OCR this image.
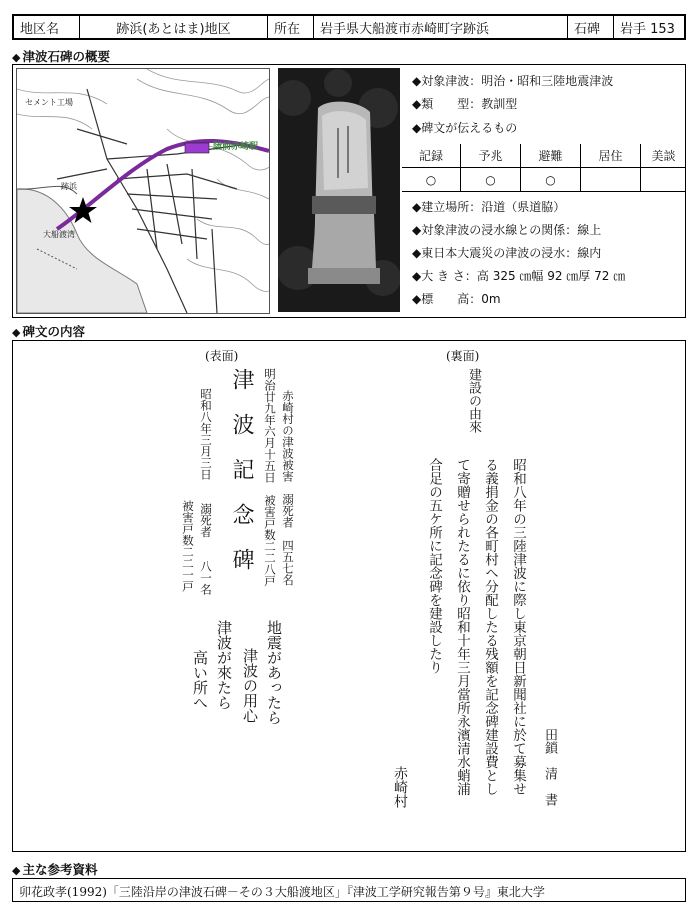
地区名	跡浜(あとはま)地区	所在	岩手県大船渡市赤崎町字跡浜	石碑	岩手 153
◆ 津波石碑の概要
セメント工場
跡浜
陸前赤崎駅
大船渡湾
◆対象津波：明治・昭和三陸地震津波
◆類　　型：教訓型
◆碑文が伝えるもの
記録	予兆	避難	居住	美談
○	○	○		
◆建立場所：沿道（県道脇）
◆対象津波の浸水線との関係：線上
◆東日本大震災の津波の浸水：線内
◆大 き さ：高 325 ㎝幅 92 ㎝厚 72 ㎝
◆標　　高：0m
◆ 碑文の内容
(表面)
赤崎村の津波被害　溺死者　四五七名
明治廿九年六月十五日　被害戸数二二八戸
津 波 記 念 碑
昭和八年三月三日　　溺死者　　八一名
被害戸数二二一戸
地震があったら
津波の用心
津波が來たら
高い所へ
(裏面)
建設の由來
昭和八年の三陸津波に際し東京朝日新聞社に於て募集せ
る義捐金の各町村へ分配したる残額を記念碑建設費とし
て寄贈せられたるに依り昭和十年三月當所永濱清水蛸浦
合足の五ケ所に記念碑を建設したり
田鎖　清　書
赤崎村
◆ 主な参考資料
卯花政孝(1992)「三陸沿岸の津波石碑－その３大船渡地区」『津波工学研究報告第９号』東北大学
